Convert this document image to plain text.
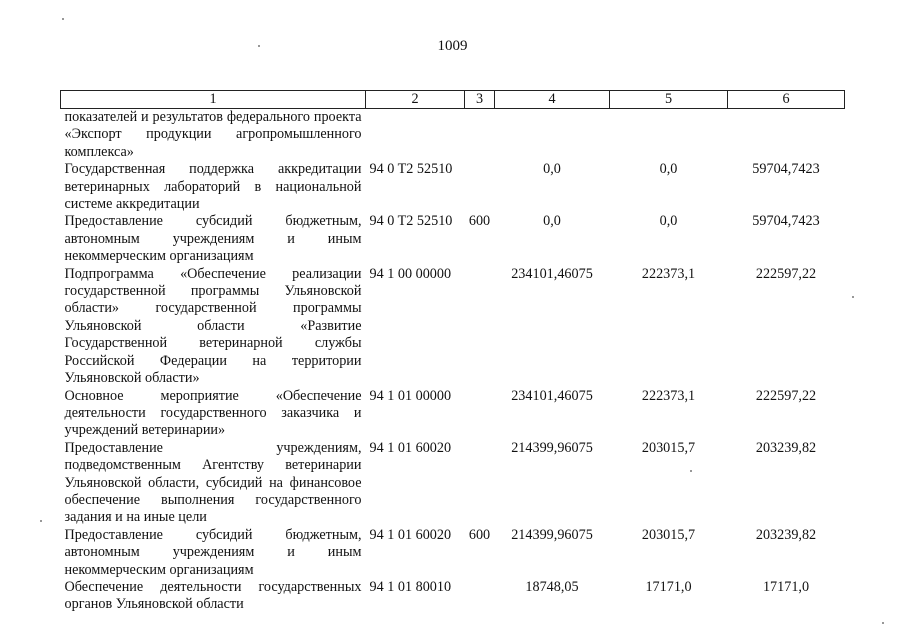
1009
1	2	3	4	5	6
показателей и результатов федерального проекта «Экспорт продукции агропромышленного комплекса»					
Государственная поддержка аккредитации ветеринарных лабораторий в национальной системе аккредитации	94 0 T2 52510		0,0	0,0	59704,7423
Предоставление субсидий бюджетным, автономным учреждениям и иным некоммерческим организациям	94 0 T2 52510	600	0,0	0,0	59704,7423
Подпрограмма «Обеспечение реализации государственной программы Ульяновской области» государственной программы Ульяновской области «Развитие Государственной ветеринарной службы Российской Федерации на территории Ульяновской области»	94 1 00 00000		234101,46075	222373,1	222597,22
Основное мероприятие «Обеспечение деятельности государственного заказчика и учреждений ветеринарии»	94 1 01 00000		234101,46075	222373,1	222597,22
Предоставление учреждениям, подведомственным Агентству ветеринарии Ульяновской области, субсидий на финансовое обеспечение выполнения государственного задания и на иные цели	94 1 01 60020		214399,96075	203015,7	203239,82
Предоставление субсидий бюджетным, автономным учреждениям и иным некоммерческим организациям	94 1 01 60020	600	214399,96075	203015,7	203239,82
Обеспечение деятельности государственных органов Ульяновской области	94 1 01 80010		18748,05	17171,0	17171,0
